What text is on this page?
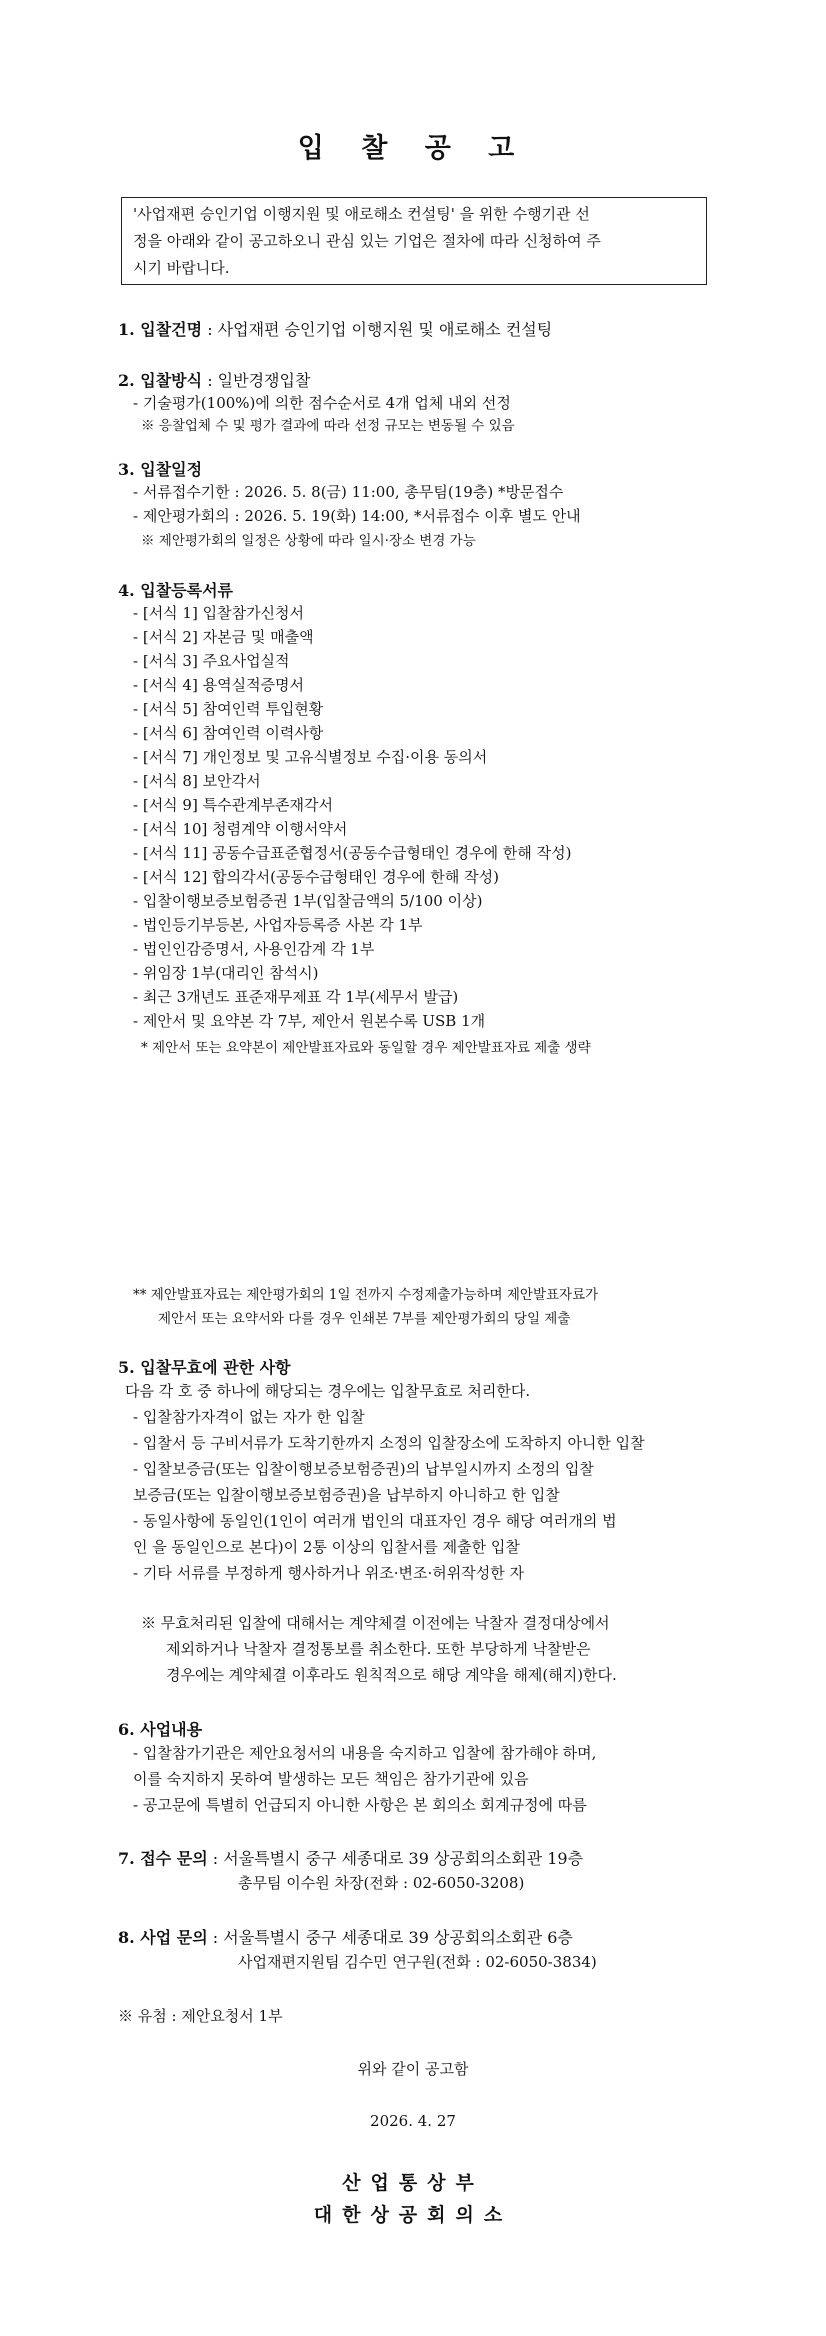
입 찰 공 고
'사업재편 승인기업 이행지원 및 애로해소 컨설팅' 을 위한 수행기관 선
정을 아래와 같이 공고하오니 관심 있는 기업은 절차에 따라 신청하여 주
시기 바랍니다.
1. 입찰건명 : 사업재편 승인기업 이행지원 및 애로해소 컨설팅
2. 입찰방식 : 일반경쟁입찰
- 기술평가(100%)에 의한 점수순서로 4개 업체 내외 선정
※ 응찰업체 수 및 평가 결과에 따라 선정 규모는 변동될 수 있음
3. 입찰일정
- 서류접수기한 : 2026. 5. 8(금) 11:00, 총무팀(19층) *방문접수
- 제안평가회의 : 2026. 5. 19(화) 14:00, *서류접수 이후 별도 안내
※ 제안평가회의 일정은 상황에 따라 일시·장소 변경 가능
4. 입찰등록서류
- [서식 1] 입찰참가신청서
- [서식 2] 자본금 및 매출액
- [서식 3] 주요사업실적
- [서식 4] 용역실적증명서
- [서식 5] 참여인력 투입현황
- [서식 6] 참여인력 이력사항
- [서식 7] 개인정보 및 고유식별정보 수집·이용 동의서
- [서식 8] 보안각서
- [서식 9] 특수관계부존재각서
- [서식 10] 청렴계약 이행서약서
- [서식 11] 공동수급표준협정서(공동수급형태인 경우에 한해 작성)
- [서식 12] 합의각서(공동수급형태인 경우에 한해 작성)
- 입찰이행보증보험증권 1부(입찰금액의 5/100 이상)
- 법인등기부등본, 사업자등록증 사본 각 1부
- 법인인감증명서, 사용인감계 각 1부
- 위임장 1부(대리인 참석시)
- 최근 3개년도 표준재무제표 각 1부(세무서 발급)
- 제안서 및 요약본 각 7부, 제안서 원본수록 USB 1개
* 제안서 또는 요약본이 제안발표자료와 동일할 경우 제안발표자료 제출 생략
** 제안발표자료는 제안평가회의 1일 전까지 수정제출가능하며 제안발표자료가
제안서 또는 요약서와 다를 경우 인쇄본 7부를 제안평가회의 당일 제출
5. 입찰무효에 관한 사항
다음 각 호 중 하나에 해당되는 경우에는 입찰무효로 처리한다.
- 입찰참가자격이 없는 자가 한 입찰
- 입찰서 등 구비서류가 도착기한까지 소정의 입찰장소에 도착하지 아니한 입찰
- 입찰보증금(또는 입찰이행보증보험증권)의 납부일시까지 소정의 입찰
보증금(또는 입찰이행보증보험증권)을 납부하지 아니하고 한 입찰
- 동일사항에 동일인(1인이 여러개 법인의 대표자인 경우 해당 여러개의 법
인 을 동일인으로 본다)이 2통 이상의 입찰서를 제출한 입찰
- 기타 서류를 부정하게 행사하거나 위조·변조·허위작성한 자
※ 무효처리된 입찰에 대해서는 계약체결 이전에는 낙찰자 결정대상에서
제외하거나 낙찰자 결정통보를 취소한다. 또한 부당하게 낙찰받은
경우에는 계약체결 이후라도 원칙적으로 해당 계약을 해제(해지)한다.
6. 사업내용
- 입찰참가기관은 제안요청서의 내용을 숙지하고 입찰에 참가해야 하며,
이를 숙지하지 못하여 발생하는 모든 책임은 참가기관에 있음
- 공고문에 특별히 언급되지 아니한 사항은 본 회의소 회계규정에 따름
7. 접수 문의 : 서울특별시 중구 세종대로 39 상공회의소회관 19층
총무팀 이수원 차장(전화 : 02-6050-3208)
8. 사업 문의 : 서울특별시 중구 세종대로 39 상공회의소회관 6층
사업재편지원팀 김수민 연구원(전화 : 02-6050-3834)
※ 유첨 : 제안요청서 1부
위와 같이 공고함
2026. 4. 27
산업통상부
대한상공회의소
